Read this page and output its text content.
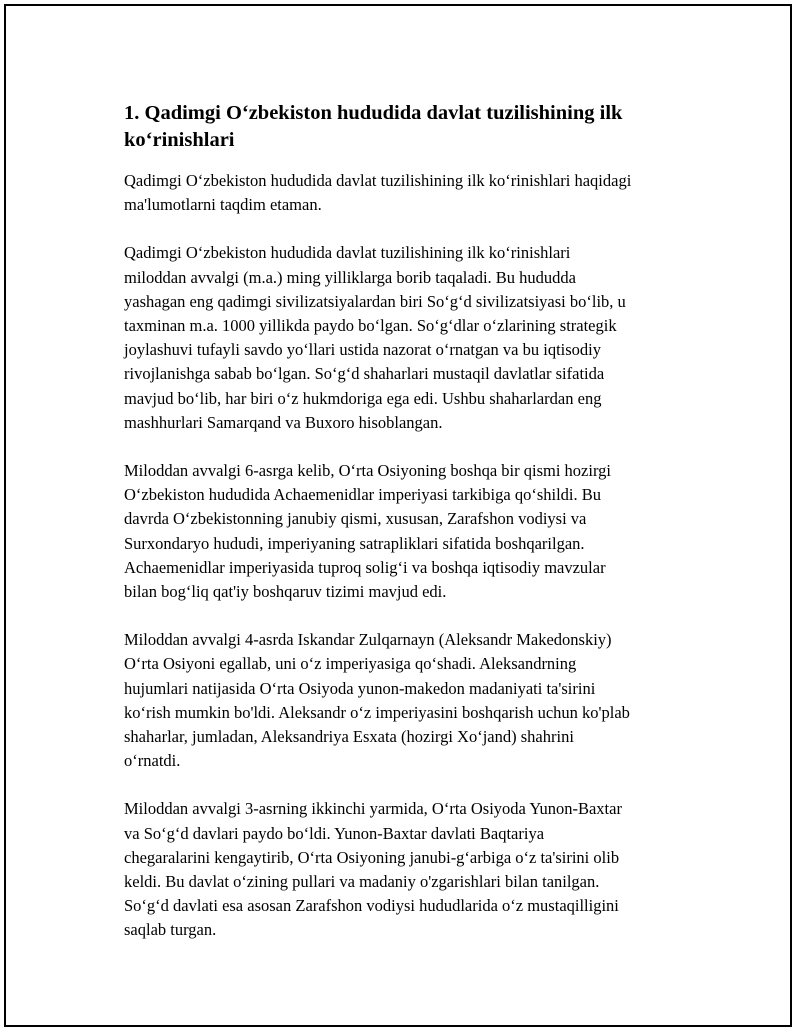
1. Qadimgi O‘zbekiston hududida davlat tuzilishining ilk
ko‘rinishlari

Qadimgi O‘zbekiston hududida davlat tuzilishining ilk ko‘rinishlari haqidagi
ma'lumotlarni taqdim etaman.

Qadimgi O‘zbekiston hududida davlat tuzilishining ilk ko‘rinishlari
miloddan avvalgi (m.a.) ming yilliklarga borib taqaladi. Bu hududda
yashagan eng qadimgi sivilizatsiyalardan biri So‘g‘d sivilizatsiyasi bo‘lib, u
taxminan m.a. 1000 yillikda paydo bo‘lgan. So‘g‘dlar o‘zlarining strategik
joylashuvi tufayli savdo yo‘llari ustida nazorat o‘rnatgan va bu iqtisodiy
rivojlanishga sabab bo‘lgan. So‘g‘d shaharlari mustaqil davlatlar sifatida
mavjud bo‘lib, har biri o‘z hukmdoriga ega edi. Ushbu shaharlardan eng
mashhurlari Samarqand va Buxoro hisoblangan.

Miloddan avvalgi 6-asrga kelib, O‘rta Osiyoning boshqa bir qismi hozirgi
O‘zbekiston hududida Achaemenidlar imperiyasi tarkibiga qo‘shildi. Bu
davrda O‘zbekistonning janubiy qismi, xususan, Zarafshon vodiysi va
Surxondaryo hududi, imperiyaning satrapliklari sifatida boshqarilgan.
Achaemenidlar imperiyasida tuproq solig‘i va boshqa iqtisodiy mavzular
bilan bog‘liq qat'iy boshqaruv tizimi mavjud edi.

Miloddan avvalgi 4-asrda Iskandar Zulqarnayn (Aleksandr Makedonskiy)
O‘rta Osiyoni egallab, uni o‘z imperiyasiga qo‘shadi. Aleksandrning
hujumlari natijasida O‘rta Osiyoda yunon-makedon madaniyati ta'sirini
ko‘rish mumkin bo'ldi. Aleksandr o‘z imperiyasini boshqarish uchun ko'plab
shaharlar, jumladan, Aleksandriya Esxata (hozirgi Xo‘jand) shahrini
o‘rnatdi.

Miloddan avvalgi 3-asrning ikkinchi yarmida, O‘rta Osiyoda Yunon-Baxtar
va So‘g‘d davlari paydo bo‘ldi. Yunon-Baxtar davlati Baqtariya
chegaralarini kengaytirib, O‘rta Osiyoning janubi-g‘arbiga o‘z ta'sirini olib
keldi. Bu davlat o‘zining pullari va madaniy o'zgarishlari bilan tanilgan.
So‘g‘d davlati esa asosan Zarafshon vodiysi hududlarida o‘z mustaqilligini
saqlab turgan.
